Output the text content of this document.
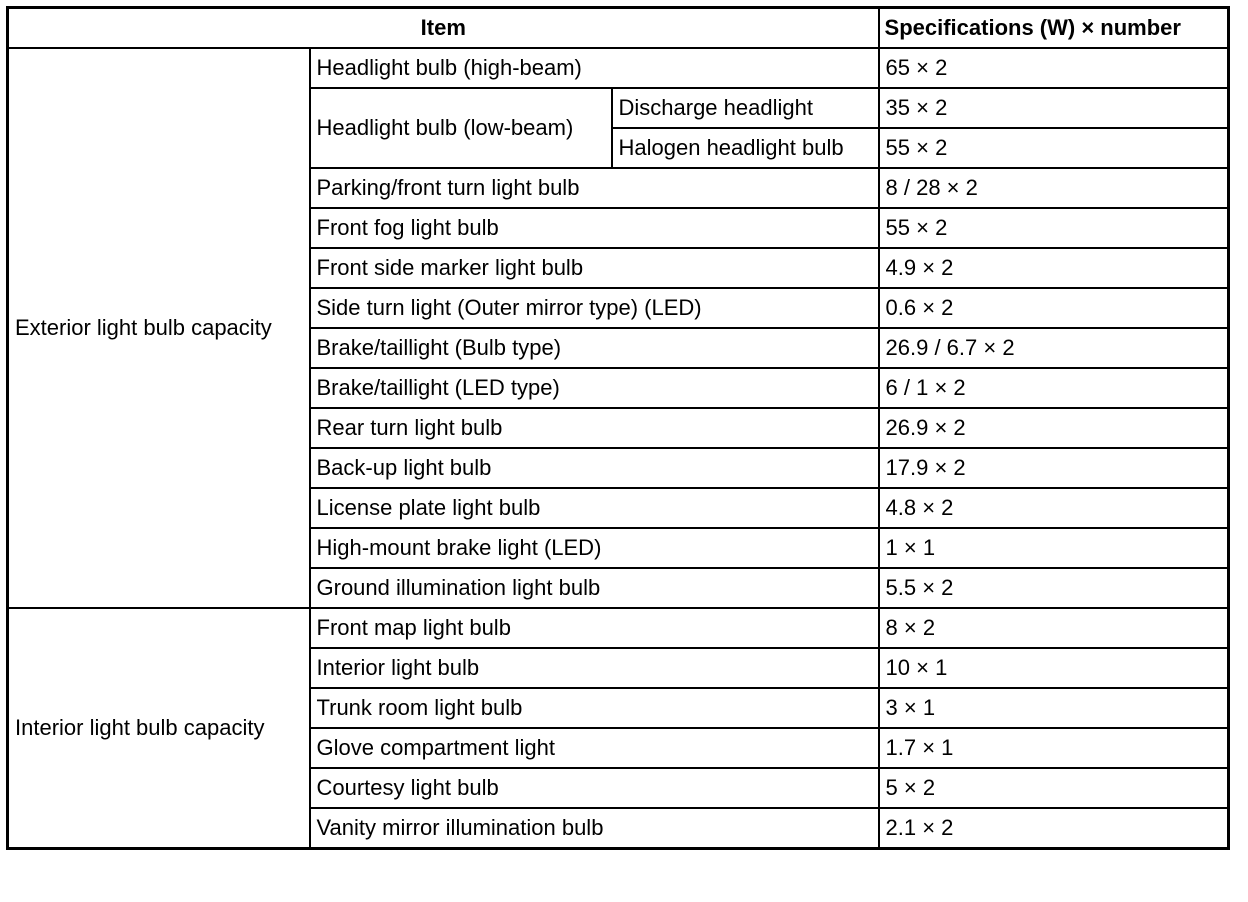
Item			Specifications (W) × number
Exterior light bulb capacity	Headlight bulb (high-beam)		65 × 2
	Headlight bulb (low-beam)	Discharge headlight	35 × 2
		Halogen headlight bulb	55 × 2
	Parking/front turn light bulb		8 / 28 × 2
	Front fog light bulb		55 × 2
	Front side marker light bulb		4.9 × 2
	Side turn light (Outer mirror type) (LED)		0.6 × 2
	Brake/taillight (Bulb type)		26.9 / 6.7 × 2
	Brake/taillight (LED type)		6 / 1 × 2
	Rear turn light bulb		26.9 × 2
	Back-up light bulb		17.9 × 2
	License plate light bulb		4.8 × 2
	High-mount brake light (LED)		1 × 1
	Ground illumination light bulb		5.5 × 2
Interior light bulb capacity	Front map light bulb		8 × 2
	Interior light bulb		10 × 1
	Trunk room light bulb		3 × 1
	Glove compartment light		1.7 × 1
	Courtesy light bulb		5 × 2
	Vanity mirror illumination bulb		2.1 × 2
